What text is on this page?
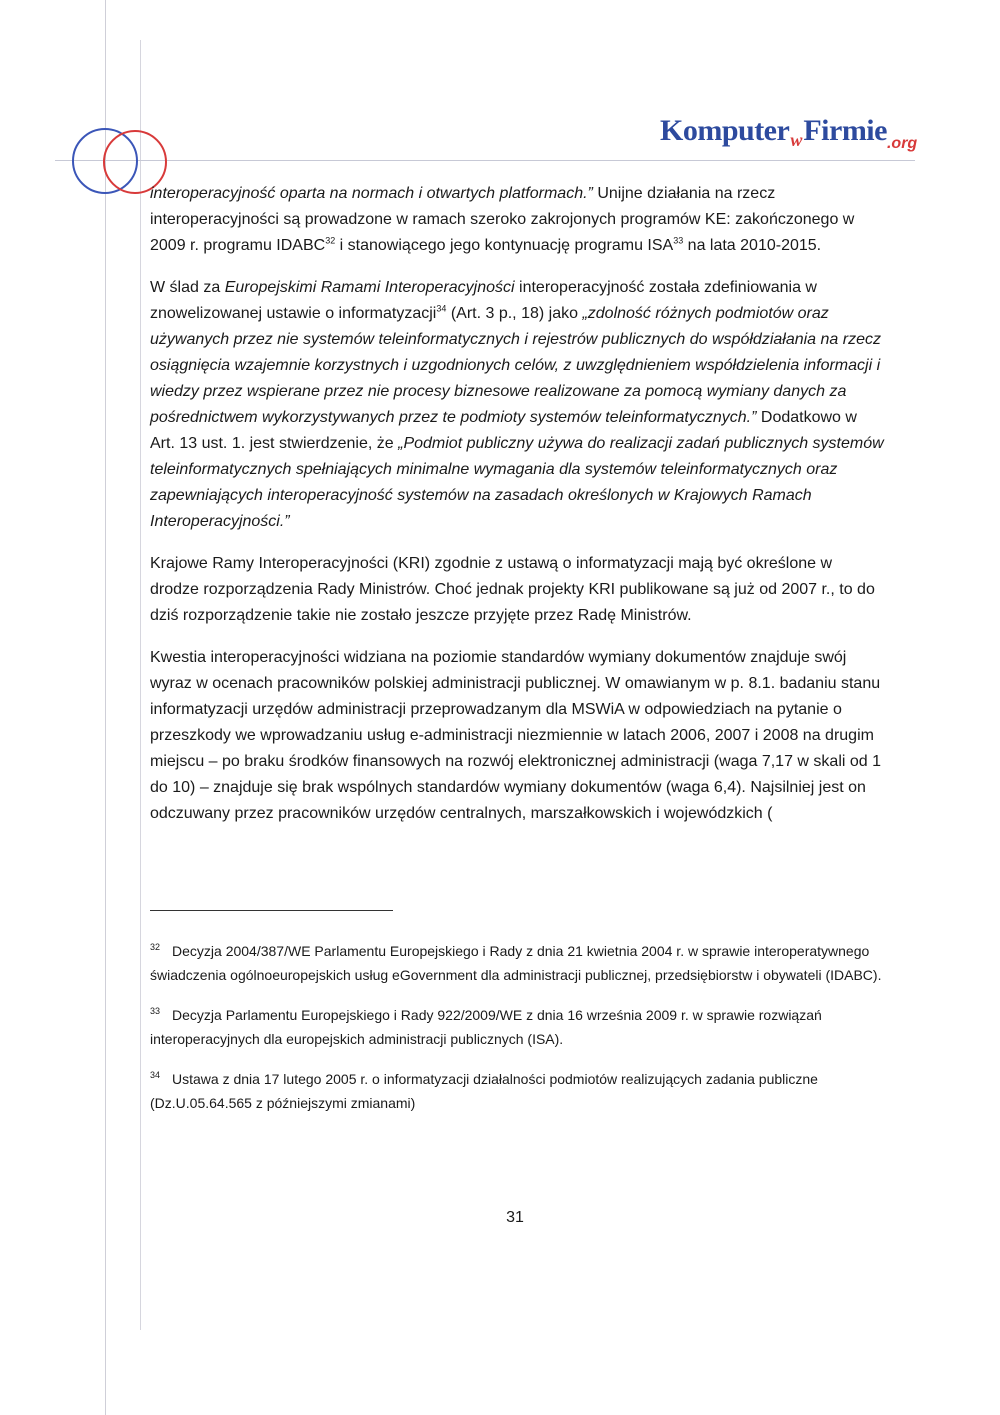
KomputerwFirmie.org

interoperacyjność oparta na normach i otwartych platformach.” Unijne działania na rzecz interoperacyjności są prowadzone w ramach szeroko zakrojonych programów KE: zakończonego w 2009 r. programu IDABC$^{32}$ i stanowiącego jego kontynuację programu ISA$^{33}$ na lata 2010-2015.

W ślad za Europejskimi Ramami Interoperacyjności interoperacyjność została zdefiniowania w znowelizowanej ustawie o informatyzacji$^{34}$ (Art. 3 p., 18) jako „zdolność różnych podmiotów oraz używanych przez nie systemów teleinformatycznych i rejestrów publicznych do współdziałania na rzecz osiągnięcia wzajemnie korzystnych i uzgodnionych celów, z uwzględnieniem współdzielenia informacji i wiedzy przez wspierane przez nie procesy biznesowe realizowane za pomocą wymiany danych za pośrednictwem wykorzystywanych przez te podmioty systemów teleinformatycznych.” Dodatkowo w Art. 13 ust. 1. jest stwierdzenie, że „Podmiot publiczny używa do realizacji zadań publicznych systemów teleinformatycznych spełniających minimalne wymagania dla systemów teleinformatycznych oraz zapewniających interoperacyjność systemów na zasadach określonych w Krajowych Ramach Interoperacyjności.”

Krajowe Ramy Interoperacyjności (KRI) zgodnie z ustawą o informatyzacji mają być określone w drodze rozporządzenia Rady Ministrów. Choć jednak projekty KRI publikowane są już od 2007 r., to do dziś rozporządzenie takie nie zostało jeszcze przyjęte przez Radę Ministrów.

Kwestia interoperacyjności widziana na poziomie standardów wymiany dokumentów znajduje swój wyraz w ocenach pracowników polskiej administracji publicznej. W omawianym w p. 8.1. badaniu stanu informatyzacji urzędów administracji przeprowadzanym dla MSWiA w odpowiedziach na pytanie o przeszkody we wprowadzaniu usług e-administracji niezmiennie w latach 2006, 2007 i 2008 na drugim miejscu – po braku środków finansowych na rozwój elektronicznej administracji (waga 7,17 w skali od 1 do 10) – znajduje się brak wspólnych standardów wymiany dokumentów (waga 6,4). Najsilniej jest on odczuwany przez pracowników urzędów centralnych, marszałkowskich i wojewódzkich (

$^{32}$ Decyzja 2004/387/WE Parlamentu Europejskiego i Rady z dnia 21 kwietnia 2004 r. w sprawie interoperatywnego świadczenia ogólnoeuropejskich usług eGovernment dla administracji publicznej, przedsiębiorstw i obywateli (IDABC).
$^{33}$ Decyzja Parlamentu Europejskiego i Rady 922/2009/WE z dnia 16 września 2009 r. w sprawie rozwiązań interoperacyjnych dla europejskich administracji publicznych (ISA).
$^{34}$ Ustawa z dnia 17 lutego 2005 r. o informatyzacji działalności podmiotów realizujących zadania publiczne (Dz.U.05.64.565 z późniejszymi zmianami)
31
